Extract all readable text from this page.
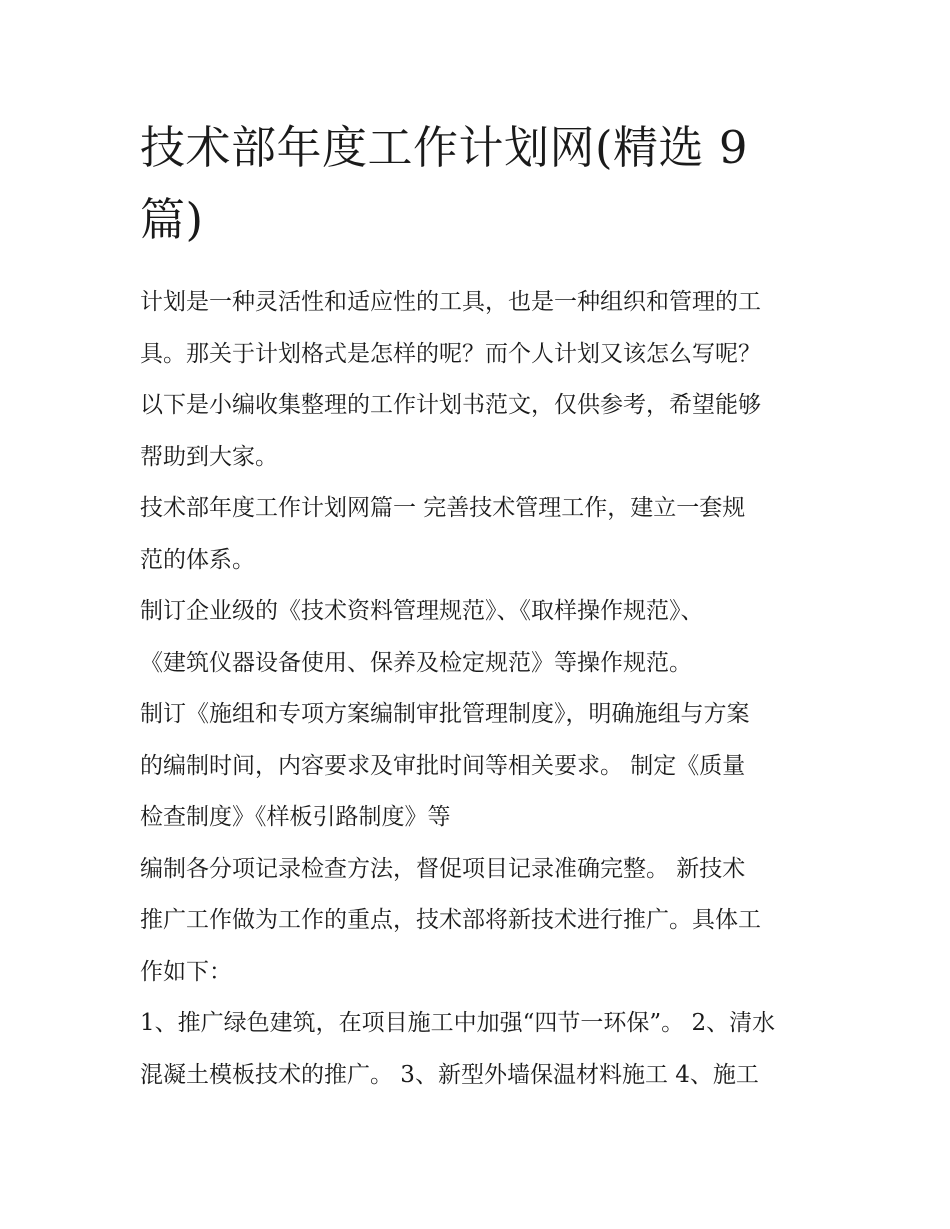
技术部年度工作计划网(精选 9
篇)

计划是一种灵活性和适应性的工具，也是一种组织和管理的工
具。那关于计划格式是怎样的呢？而个人计划又该怎么写呢？
以下是小编收集整理的工作计划书范文，仅供参考，希望能够
帮助到大家。

技术部年度工作计划网篇一 完善技术管理工作，建立一套规
范的体系。

制订企业级的《技术资料管理规范》、《取样操作规范》、
《建筑仪器设备使用、保养及检定规范》等操作规范。

制订《施组和专项方案编制审批管理制度》，明确施组与方案
的编制时间，内容要求及审批时间等相关要求。 制定《质量
检查制度》《样板引路制度》等

编制各分项记录检查方法，督促项目记录准确完整。 新技术
推广工作做为工作的重点，技术部将新技术进行推广。具体工
作如下：

1、推广绿色建筑，在项目施工中加强“四节一环保”。 2、清水
混凝土模板技术的推广。 3、新型外墙保温材料施工 4、施工
